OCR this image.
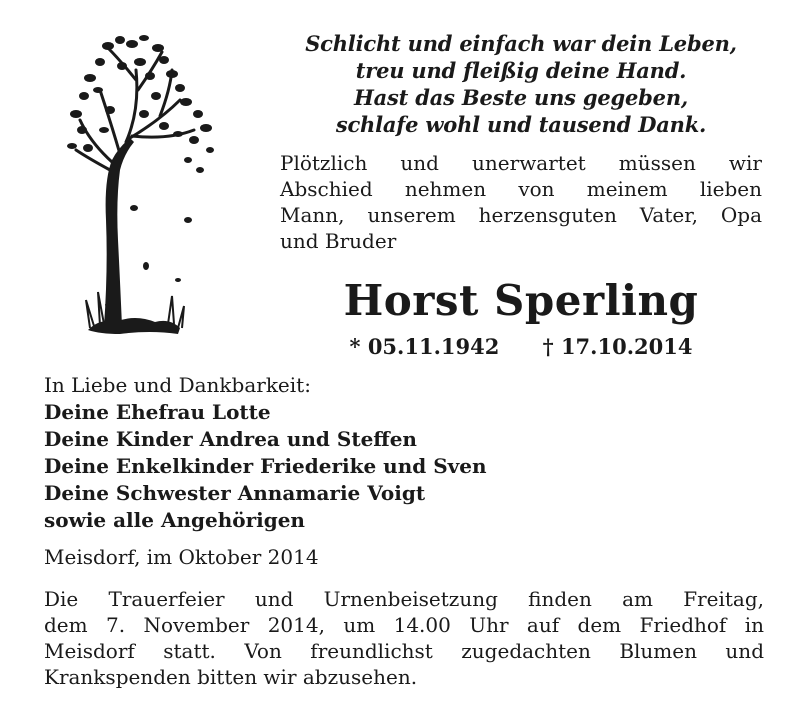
Schlicht und einfach war dein Leben,
treu und fleißig deine Hand.
Hast das Beste uns gegeben,
schlafe wohl und tausend Dank.
Plötzlich und unerwartet müssen wir
Abschied nehmen von meinem lieben
Mann, unserem herzensguten Vater, Opa
und Bruder
Horst Sperling
* 05.11.1942 † 17.10.2014
In Liebe und Dankbarkeit:
Deine Ehefrau Lotte
Deine Kinder Andrea und Steffen
Deine Enkelkinder Friederike und Sven
Deine Schwester Annamarie Voigt
sowie alle Angehörigen
Meisdorf, im Oktober 2014
Die Trauerfeier und Urnenbeisetzung finden am Freitag,
dem 7. November 2014, um 14.00 Uhr auf dem Friedhof in
Meisdorf statt. Von freundlichst zugedachten Blumen und
Krankspenden bitten wir abzusehen.
